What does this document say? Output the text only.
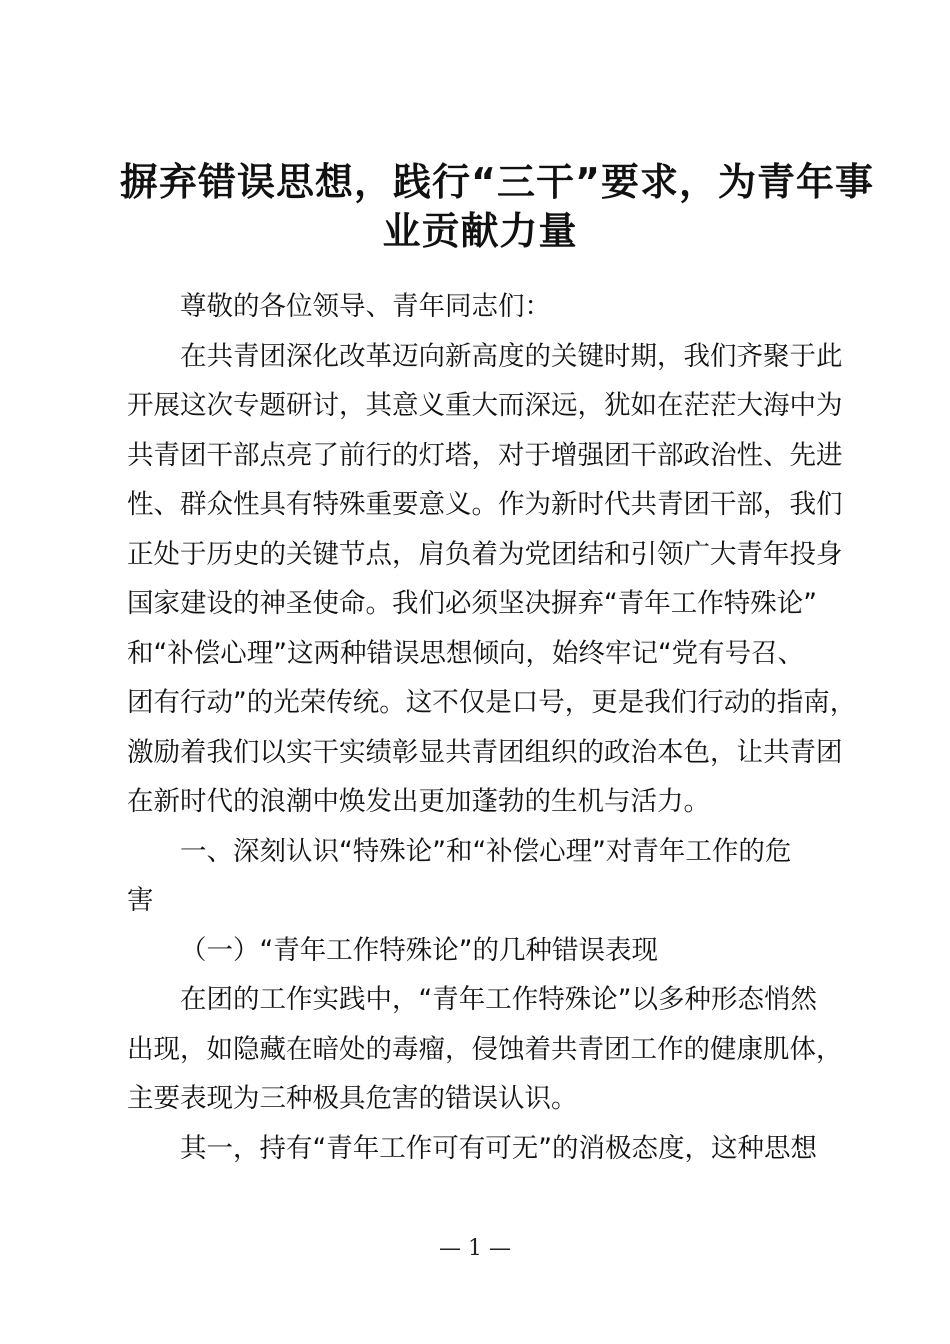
摒弃错误思想，践行“三干”要求，为青年事
业贡献力量
尊敬的各位领导、青年同志们：
在共青团深化改革迈向新高度的关键时期，我们齐聚于此
开展这次专题研讨，其意义重大而深远，犹如在茫茫大海中为
共青团干部点亮了前行的灯塔，对于增强团干部政治性、先进
性、群众性具有特殊重要意义。作为新时代共青团干部，我们
正处于历史的关键节点，肩负着为党团结和引领广大青年投身
国家建设的神圣使命。我们必须坚决摒弃“青年工作特殊论”
和“补偿心理”这两种错误思想倾向，始终牢记“党有号召、
团有行动”的光荣传统。这不仅是口号，更是我们行动的指南，
激励着我们以实干实绩彰显共青团组织的政治本色，让共青团
在新时代的浪潮中焕发出更加蓬勃的生机与活力。
一、深刻认识“特殊论”和“补偿心理”对青年工作的危
害
（一）“青年工作特殊论”的几种错误表现
在团的工作实践中，“青年工作特殊论”以多种形态悄然
出现，如隐藏在暗处的毒瘤，侵蚀着共青团工作的健康肌体，
主要表现为三种极具危害的错误认识。
其一，持有“青年工作可有可无”的消极态度，这种思想
— 1 —
